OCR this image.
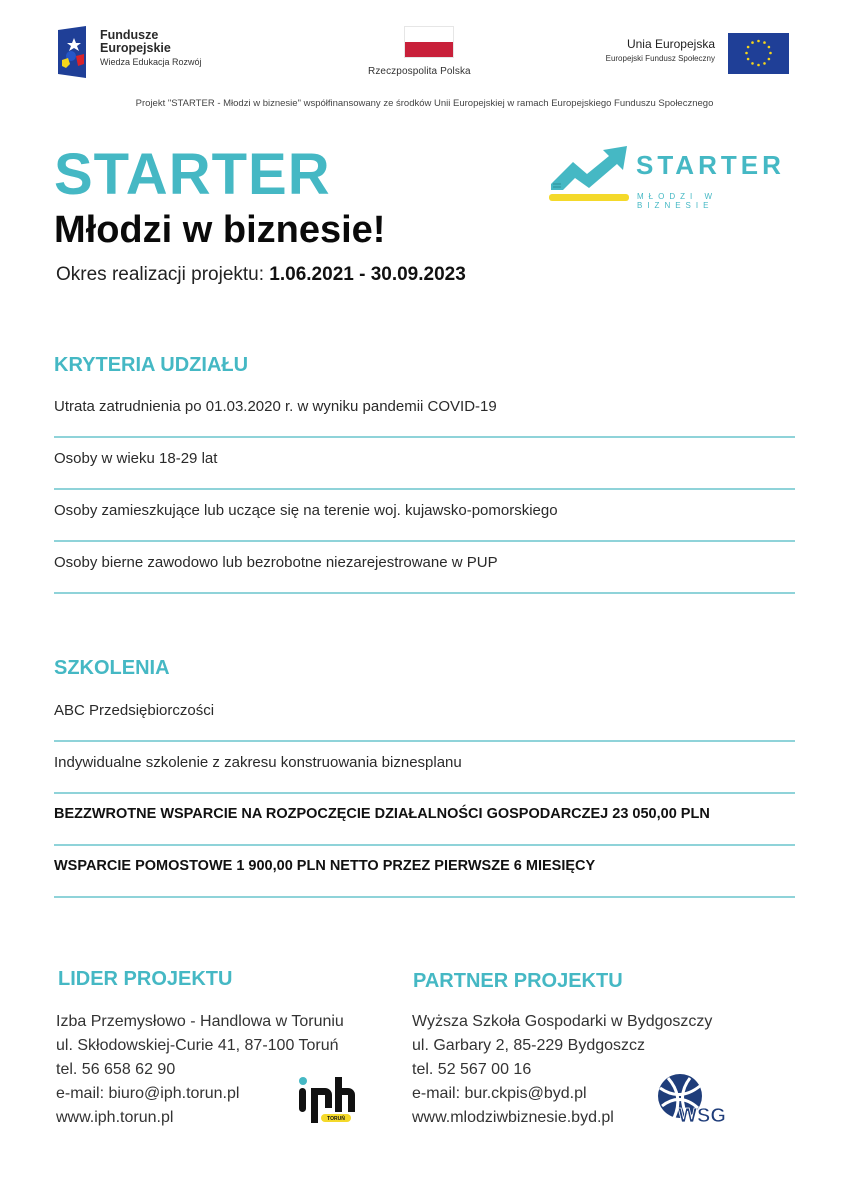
Fundusze
Europejskie
Wiedza Edukacja Rozwój
Rzeczpospolita Polska
Unia Europejska
Europejski Fundusz Społeczny
Projekt "STARTER - Młodzi w biznesie" współfinansowany ze środków Unii Europejskiej w ramach Europejskiego Funduszu Społecznego
STARTER
Młodzi w biznesie!
Okres realizacji projektu: 1.06.2021 - 30.09.2023
STARTER
MŁODZI W BIZNESIE
KRYTERIA UDZIAŁU
Utrata zatrudnienia po 01.03.2020 r. w wyniku pandemii COVID-19
Osoby w wieku 18-29 lat
Osoby zamieszkujące lub uczące się na terenie woj. kujawsko-pomorskiego
Osoby bierne zawodowo lub bezrobotne niezarejestrowane w PUP
SZKOLENIA
ABC Przedsiębiorczości
Indywidualne szkolenie z zakresu konstruowania biznesplanu
BEZZWROTNE WSPARCIE NA ROZPOCZĘCIE DZIAŁALNOŚCI GOSPODARCZEJ 23 050,00 PLN
WSPARCIE POMOSTOWE 1 900,00 PLN NETTO PRZEZ PIERWSZE 6 MIESIĘCY
LIDER PROJEKTU
Izba Przemysłowo - Handlowa w Toruniu
ul. Skłodowskiej-Curie 41, 87-100 Toruń
tel. 56 658 62 90
e-mail: biuro@iph.torun.pl
www.iph.torun.pl	TORUŃ
PARTNER PROJEKTU
Wyższa Szkoła Gospodarki w Bydgoszczy
ul. Garbary 2, 85-229 Bydgoszcz
tel. 52 567 00 16
e-mail: bur.ckpis@byd.pl
www.mlodziwbiznesie.byd.pl	WSG
